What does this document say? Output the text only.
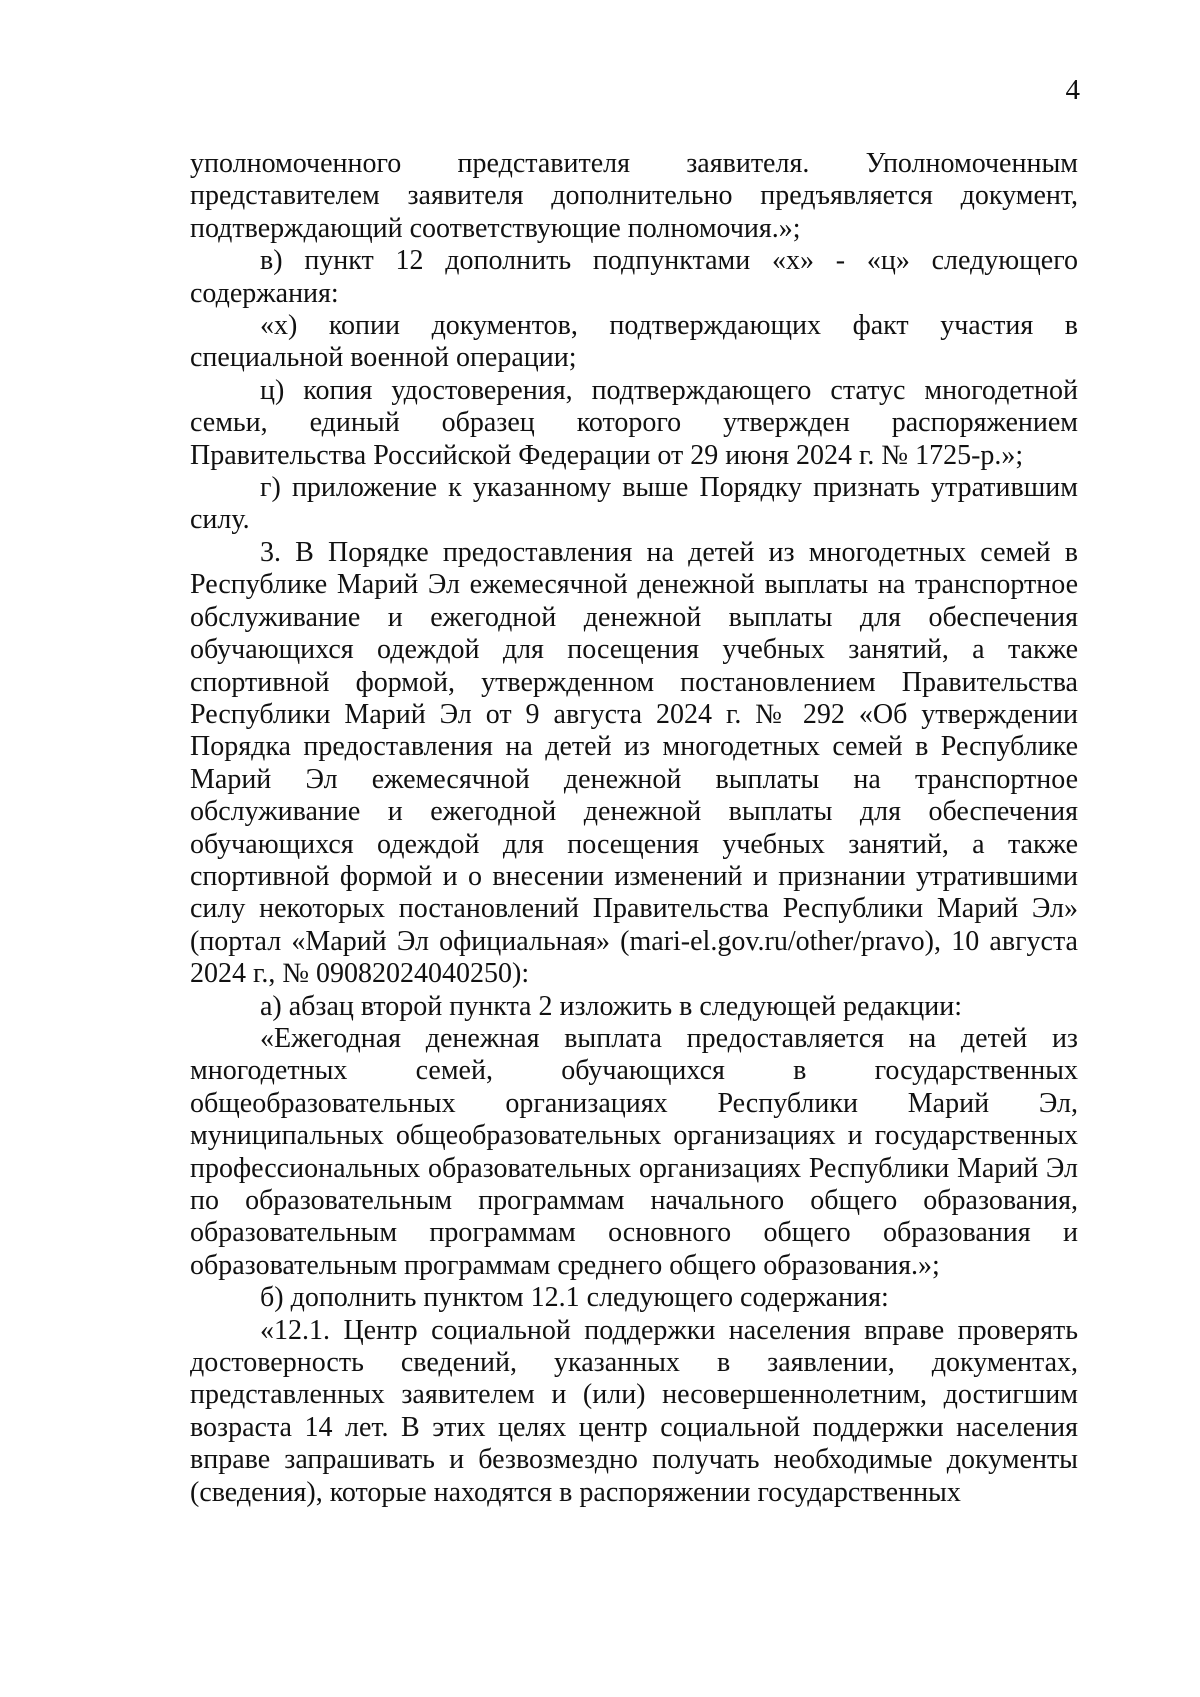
4

уполномоченного представителя заявителя. Уполномоченным представителем заявителя дополнительно предъявляется документ, подтверждающий соответствующие полномочия.»;

в) пункт 12 дополнить подпунктами «х» - «ц» следующего содержания:

«х) копии документов, подтверждающих факт участия в специальной военной операции;

ц) копия удостоверения, подтверждающего статус многодетной семьи, единый образец которого утвержден распоряжением Правительства Российской Федерации от 29 июня 2024 г. № 1725-р.»;

г) приложение к указанному выше Порядку признать утратившим силу.

3. В Порядке предоставления на детей из многодетных семей в Республике Марий Эл ежемесячной денежной выплаты на транспортное обслуживание и ежегодной денежной выплаты для обеспечения обучающихся одеждой для посещения учебных занятий, а также спортивной формой, утвержденном постановлением Правительства Республики Марий Эл от 9 августа 2024 г. № 292 «Об утверждении Порядка предоставления на детей из многодетных семей в Республике Марий Эл ежемесячной денежной выплаты на транспортное обслуживание и ежегодной денежной выплаты для обеспечения обучающихся одеждой для посещения учебных занятий, а также спортивной формой и о внесении изменений и признании утратившими силу некоторых постановлений Правительства Республики Марий Эл» (портал «Марий Эл официальная» (mari-el.gov.ru/other/pravo), 10 августа 2024 г., № 09082024040250):

а) абзац второй пункта 2 изложить в следующей редакции:

«Ежегодная денежная выплата предоставляется на детей из многодетных семей, обучающихся в государственных общеобразовательных организациях Республики Марий Эл, муниципальных общеобразовательных организациях и государственных профессиональных образовательных организациях Республики Марий Эл по образовательным программам начального общего образования, образовательным программам основного общего образования и образовательным программам среднего общего образования.»;

б) дополнить пунктом 12.1 следующего содержания:

«12.1. Центр социальной поддержки населения вправе проверять достоверность сведений, указанных в заявлении, документах, представленных заявителем и (или) несовершеннолетним, достигшим возраста 14 лет. В этих целях центр социальной поддержки населения вправе запрашивать и безвозмездно получать необходимые документы (сведения), которые находятся в распоряжении государственных
